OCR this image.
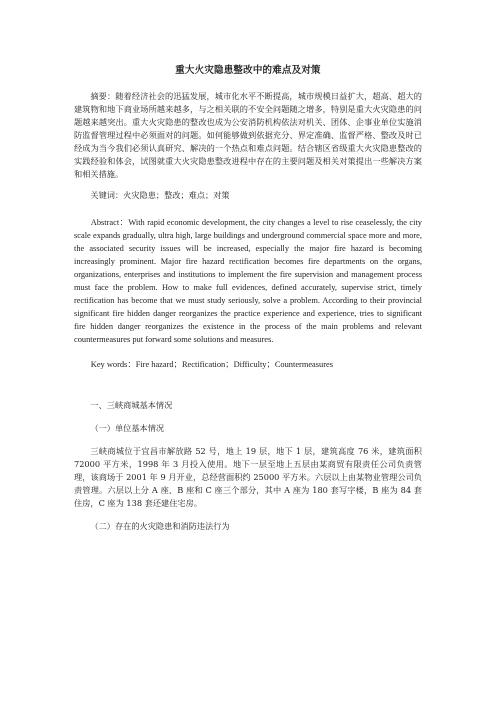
重大火灾隐患整改中的难点及对策

摘要：随着经济社会的迅猛发展，城市化水平不断提高，城市规模日益扩大，超高、超大的建筑物和地下商业场所越来越多，与之相关联的不安全问题随之增多，特别是重大火灾隐患的问题越来越突出。重大火灾隐患的整改也成为公安消防机构依法对机关、团体、企事业单位实施消防监督管理过程中必须面对的问题。如何能够做到依据充分、界定准确、监督严格、整改及时已经成为当今我们必须认真研究、解决的一个热点和难点问题。结合辖区省级重大火灾隐患整改的实践经验和体会，试图就重大火灾隐患整改进程中存在的主要问题及相关对策提出一些解决方案和相关措施。

关键词：火灾隐患；整改；难点；对策

Abstract：With rapid economic development, the city changes a level to rise ceaselessly, the city scale expands gradually, ultra high, large buildings and underground commercial space more and more, the associated security issues will be increased, especially the major fire hazard is becoming increasingly prominent. Major fire hazard rectification becomes fire departments on the organs, organizations, enterprises and institutions to implement the fire supervision and management process must face the problem. How to make full evidences, defined accurately, supervise strict, timely rectification has become that we must study seriously, solve a problem. According to their provincial significant fire hidden danger reorganizes the practice experience and experience, tries to significant fire hidden danger reorganizes the existence in the process of the main problems and relevant countermeasures put forward some solutions and measures.

Key words：Fire hazard；Rectification；Difficulty；Countermeasures

一、三峡商城基本情况

（一）单位基本情况

三峡商城位于宜昌市解放路 52 号，地上 19 层，地下 1 层，建筑高度 76 米，建筑面积 72000 平方米，1998 年 3 月投入使用。地下一层至地上五层由某商贸有限责任公司负责管理，该商场于 2001 年 9 月开业，总经营面积约 25000 平方米。六层以上由某物业管理公司负责管理。六层以上分 A 座、B 座和 C 座三个部分，其中 A 座为 180 套写字楼，B 座为 84 套住房，C 座为 138 套还建住宅房。

（二）存在的火灾隐患和消防违法行为
